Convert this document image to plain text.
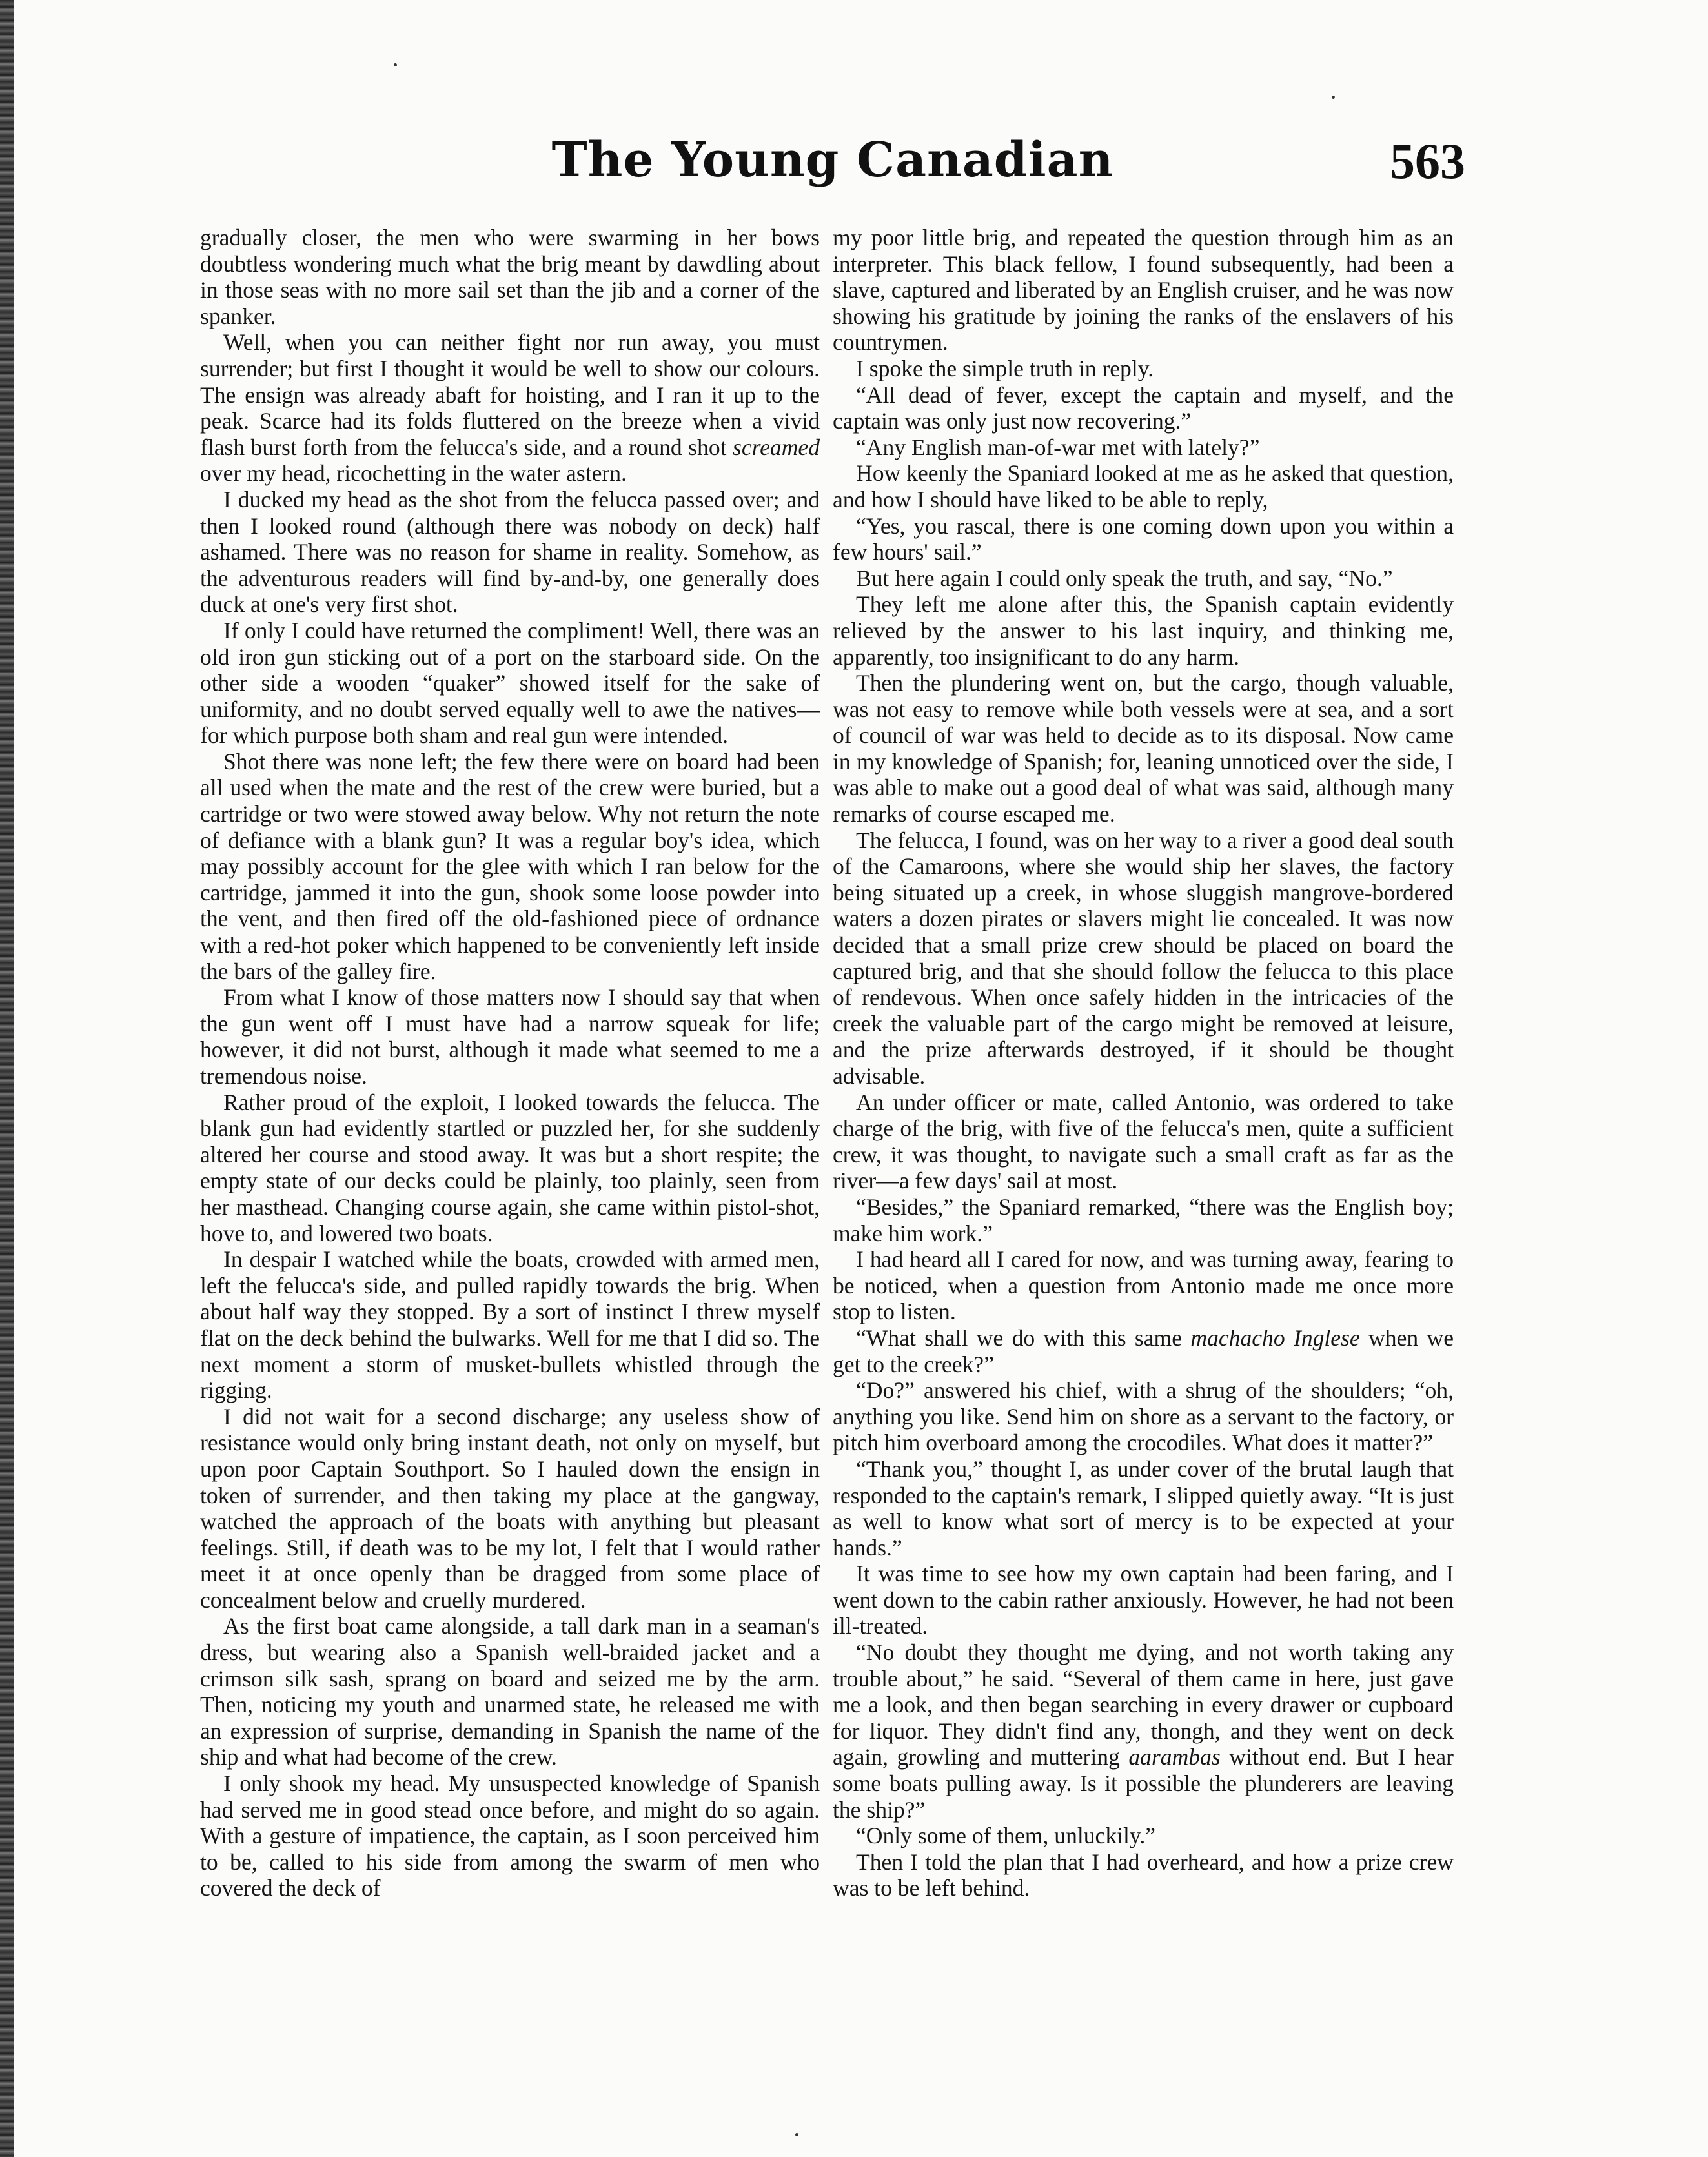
The Young Canadian	563

gradually closer, the men who were swarming in her bows doubtless wondering much what the brig meant by dawdling about in those seas with no more sail set than the jib and a corner of the spanker.

Well, when you can neither fight nor run away, you must surrender; but first I thought it would be well to show our colours. The ensign was already abaft for hoisting, and I ran it up to the peak. Scarce had its folds fluttered on the breeze when a vivid flash burst forth from the felucca's side, and a round shot screamed over my head, ricochetting in the water astern.

I ducked my head as the shot from the felucca passed over; and then I looked round (although there was nobody on deck) half ashamed. There was no reason for shame in reality. Somehow, as the adventurous readers will find by-and-by, one generally does duck at one's very first shot.

If only I could have returned the compliment! Well, there was an old iron gun sticking out of a port on the starboard side. On the other side a wooden “quaker” showed itself for the sake of uniformity, and no doubt served equally well to awe the natives—for which purpose both sham and real gun were intended.

Shot there was none left; the few there were on board had been all used when the mate and the rest of the crew were buried, but a cartridge or two were stowed away below. Why not return the note of defiance with a blank gun? It was a regular boy's idea, which may possibly account for the glee with which I ran below for the cartridge, jammed it into the gun, shook some loose powder into the vent, and then fired off the old-fashioned piece of ordnance with a red-hot poker which happened to be conveniently left inside the bars of the galley fire.

From what I know of those matters now I should say that when the gun went off I must have had a narrow squeak for life; however, it did not burst, although it made what seemed to me a tremendous noise.

Rather proud of the exploit, I looked towards the felucca. The blank gun had evidently startled or puzzled her, for she suddenly altered her course and stood away. It was but a short respite; the empty state of our decks could be plainly, too plainly, seen from her masthead. Changing course again, she came within pistol-shot, hove to, and lowered two boats.

In despair I watched while the boats, crowded with armed men, left the felucca's side, and pulled rapidly towards the brig. When about half way they stopped. By a sort of instinct I threw myself flat on the deck behind the bulwarks. Well for me that I did so. The next moment a storm of musket-bullets whistled through the rigging.

I did not wait for a second discharge; any useless show of resistance would only bring instant death, not only on myself, but upon poor Captain Southport. So I hauled down the ensign in token of surrender, and then taking my place at the gangway, watched the approach of the boats with anything but pleasant feelings. Still, if death was to be my lot, I felt that I would rather meet it at once openly than be dragged from some place of concealment below and cruelly murdered.

As the first boat came alongside, a tall dark man in a seaman's dress, but wearing also a Spanish well-braided jacket and a crimson silk sash, sprang on board and seized me by the arm. Then, noticing my youth and unarmed state, he released me with an expression of surprise, demanding in Spanish the name of the ship and what had become of the crew.

I only shook my head. My unsuspected knowledge of Spanish had served me in good stead once before, and might do so again. With a gesture of impatience, the captain, as I soon perceived him to be, called to his side from among the swarm of men who covered the deck of

my poor little brig, and repeated the question through him as an interpreter. This black fellow, I found subsequently, had been a slave, captured and liberated by an English cruiser, and he was now showing his gratitude by joining the ranks of the enslavers of his countrymen.

I spoke the simple truth in reply.

“All dead of fever, except the captain and myself, and the captain was only just now recovering.”

“Any English man-of-war met with lately?”

How keenly the Spaniard looked at me as he asked that question, and how I should have liked to be able to reply,

“Yes, you rascal, there is one coming down upon you within a few hours' sail.”

But here again I could only speak the truth, and say, “No.”

They left me alone after this, the Spanish captain evidently relieved by the answer to his last inquiry, and thinking me, apparently, too insignificant to do any harm.

Then the plundering went on, but the cargo, though valuable, was not easy to remove while both vessels were at sea, and a sort of council of war was held to decide as to its disposal. Now came in my knowledge of Spanish; for, leaning unnoticed over the side, I was able to make out a good deal of what was said, although many remarks of course escaped me.

The felucca, I found, was on her way to a river a good deal south of the Camaroons, where she would ship her slaves, the factory being situated up a creek, in whose sluggish mangrove-bordered waters a dozen pirates or slavers might lie concealed. It was now decided that a small prize crew should be placed on board the captured brig, and that she should follow the felucca to this place of rendevous. When once safely hidden in the intricacies of the creek the valuable part of the cargo might be removed at leisure, and the prize afterwards destroyed, if it should be thought advisable.

An under officer or mate, called Antonio, was ordered to take charge of the brig, with five of the felucca's men, quite a sufficient crew, it was thought, to navigate such a small craft as far as the river—a few days' sail at most.

“Besides,” the Spaniard remarked, “there was the English boy; make him work.”

I had heard all I cared for now, and was turning away, fearing to be noticed, when a question from Antonio made me once more stop to listen.

“What shall we do with this same machacho Inglese when we get to the creek?”

“Do?” answered his chief, with a shrug of the shoulders; “oh, anything you like. Send him on shore as a servant to the factory, or pitch him overboard among the crocodiles. What does it matter?”

“Thank you,” thought I, as under cover of the brutal laugh that responded to the captain's remark, I slipped quietly away. “It is just as well to know what sort of mercy is to be expected at your hands.”

It was time to see how my own captain had been faring, and I went down to the cabin rather anxiously. However, he had not been ill-treated.

“No doubt they thought me dying, and not worth taking any trouble about,” he said. “Several of them came in here, just gave me a look, and then began searching in every drawer or cupboard for liquor. They didn't find any, thongh, and they went on deck again, growling and muttering aarambas without end. But I hear some boats pulling away. Is it possible the plunderers are leaving the ship?”

“Only some of them, unluckily.”

Then I told the plan that I had overheard, and how a prize crew was to be left behind.
